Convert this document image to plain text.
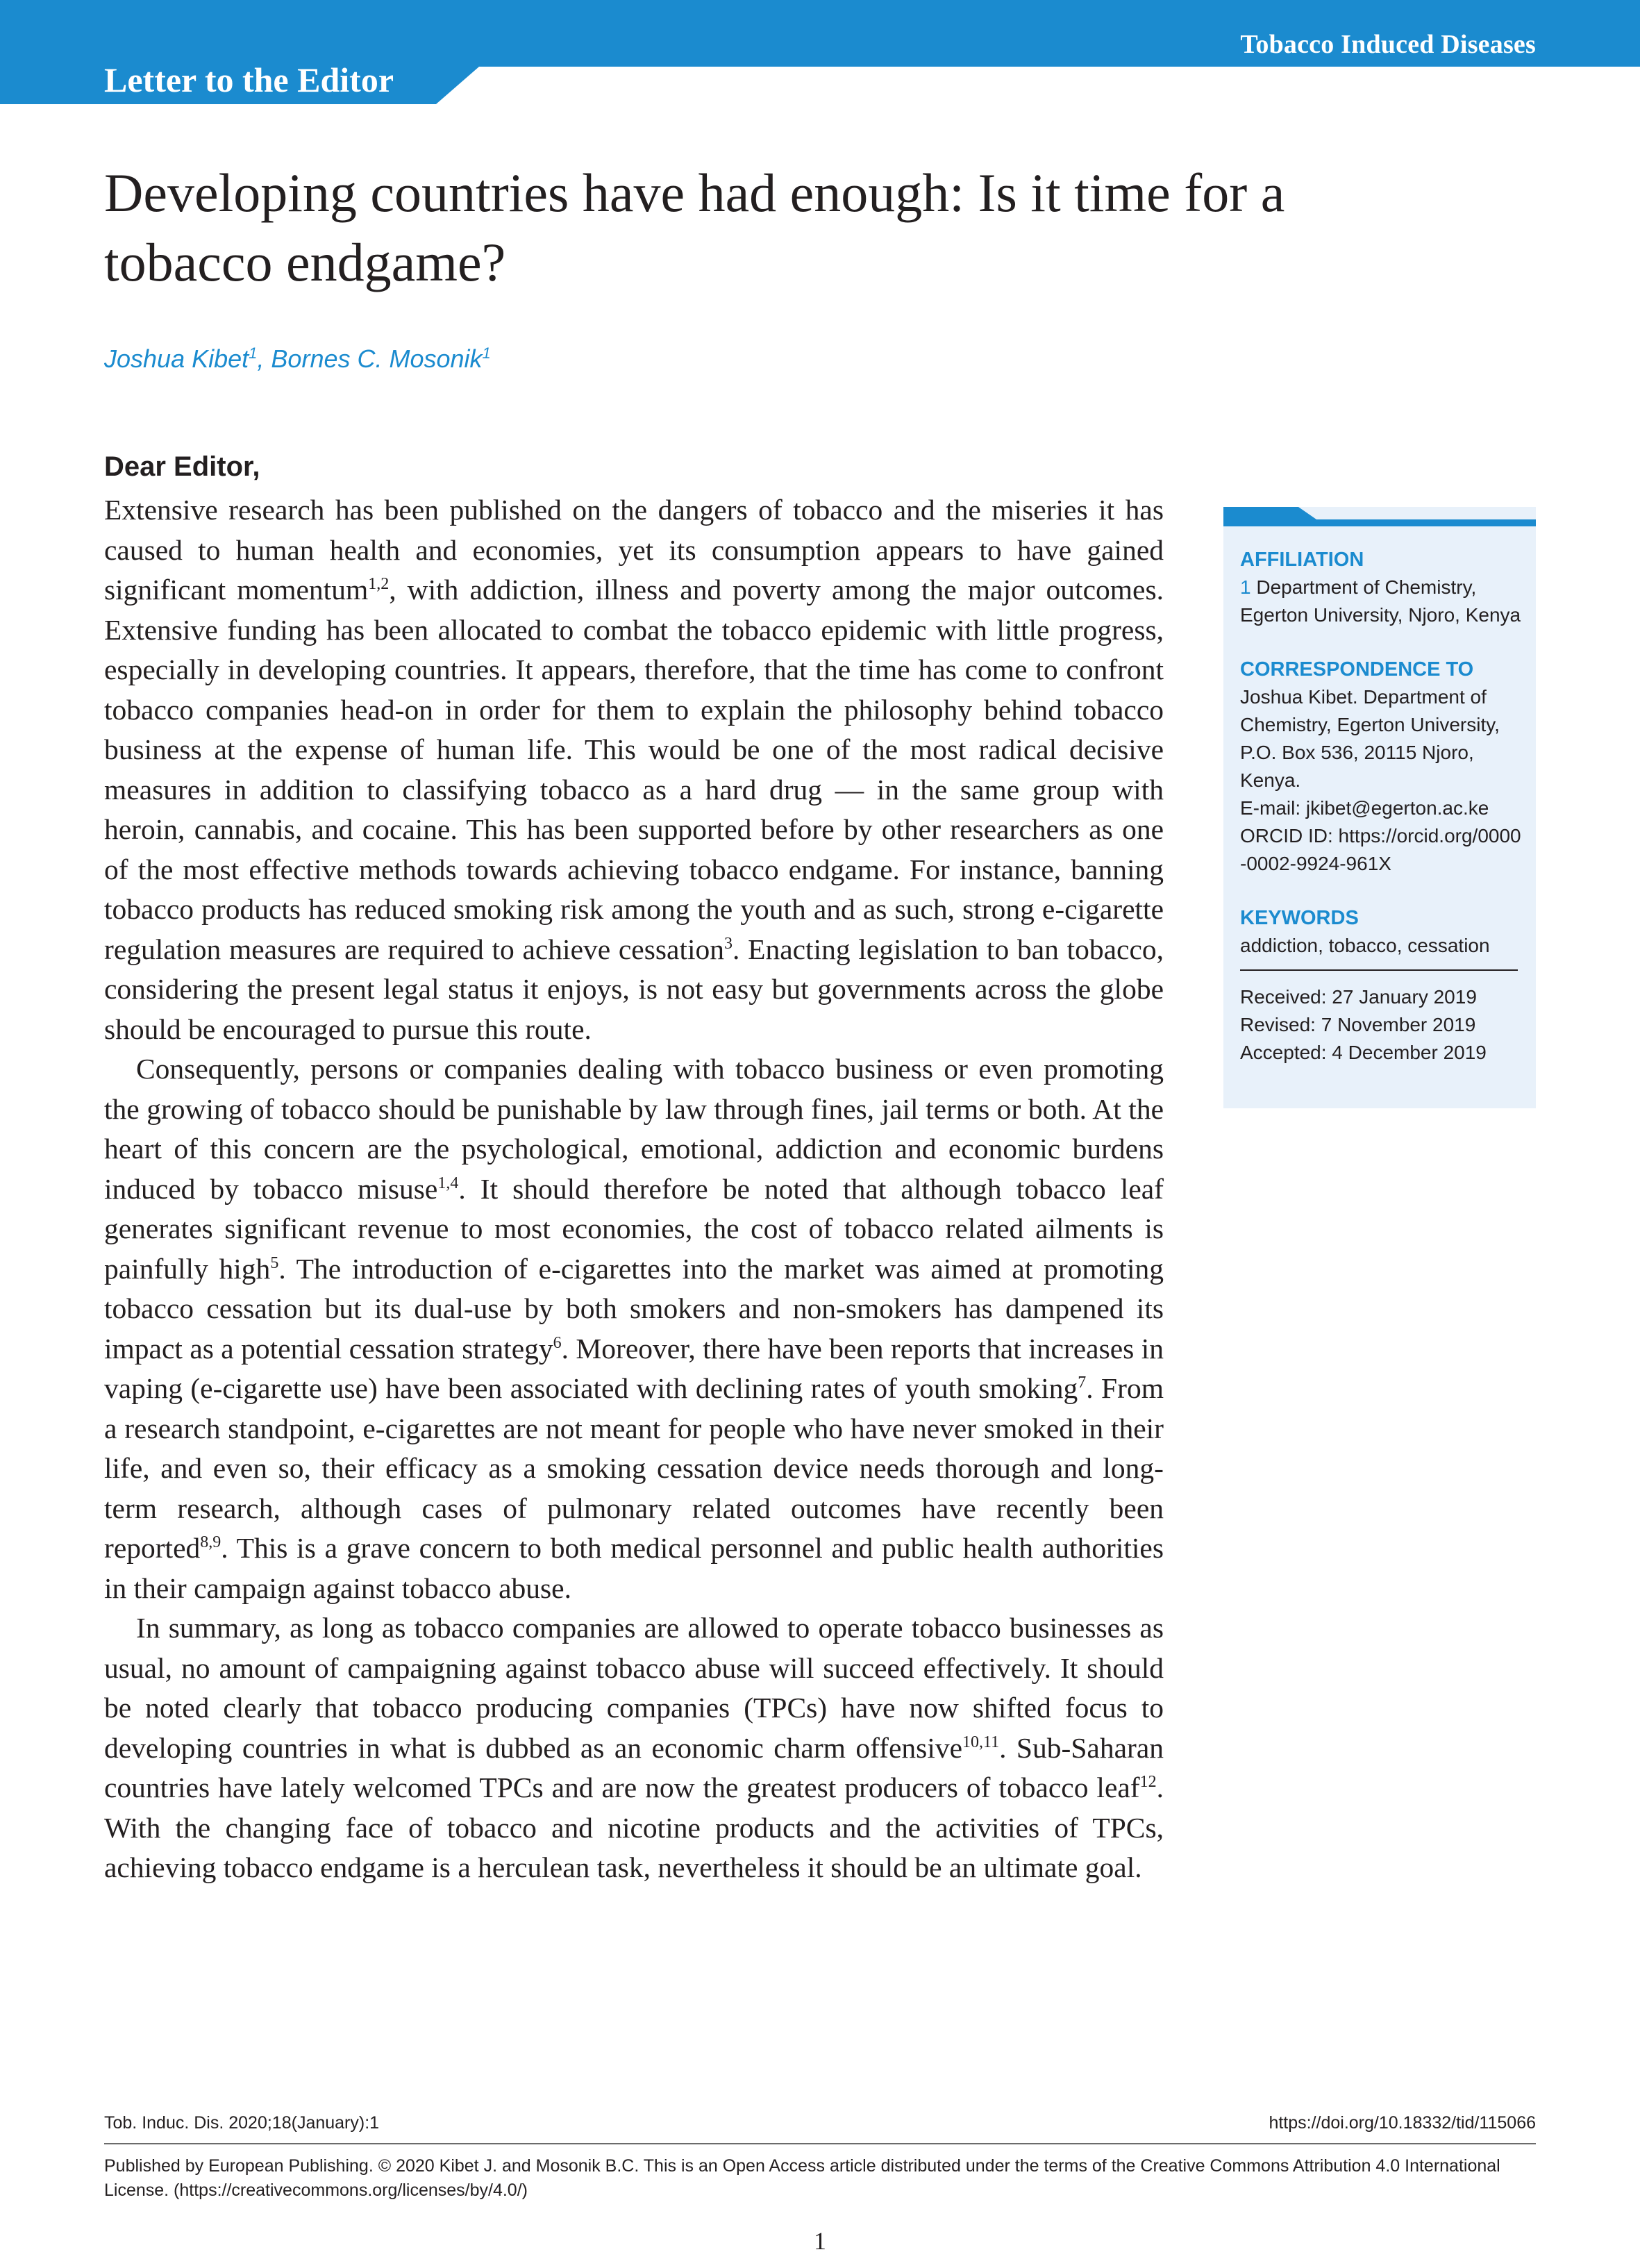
Tobacco Induced Diseases
Letter to the Editor
Developing countries have had enough: Is it time for a tobacco endgame?
Joshua Kibet$^1$, Bornes C. Mosonik$^1$
Dear Editor,

Extensive research has been published on the dangers of tobacco and the miseries it has caused to human health and economies, yet its consumption appears to have gained significant momentum$^{1,2}$, with addiction, illness and poverty among the major outcomes. Extensive funding has been allocated to combat the tobacco epidemic with little progress, especially in developing countries. It appears, therefore, that the time has come to confront tobacco companies head-on in order for them to explain the philosophy behind tobacco business at the expense of human life. This would be one of the most radical decisive measures in addition to classifying tobacco as a hard drug — in the same group with heroin, cannabis, and cocaine. This has been supported before by other researchers as one of the most effective methods towards achieving tobacco endgame. For instance, banning tobacco products has reduced smoking risk among the youth and as such, strong e-cigarette regulation measures are required to achieve cessation$^3$. Enacting legislation to ban tobacco, considering the present legal status it enjoys, is not easy but governments across the globe should be encouraged to pursue this route.

Consequently, persons or companies dealing with tobacco business or even promoting the growing of tobacco should be punishable by law through fines, jail terms or both. At the heart of this concern are the psychological, emotional, addiction and economic burdens induced by tobacco misuse$^{1,4}$. It should therefore be noted that although tobacco leaf generates significant revenue to most economies, the cost of tobacco related ailments is painfully high$^5$. The introduction of e-cigarettes into the market was aimed at promoting tobacco cessation but its dual-use by both smokers and non-smokers has dampened its impact as a potential cessation strategy$^6$. Moreover, there have been reports that increases in vaping (e-cigarette use) have been associated with declining rates of youth smoking$^7$. From a research standpoint, e-cigarettes are not meant for people who have never smoked in their life, and even so, their efficacy as a smoking cessation device needs thorough and long-term research, although cases of pulmonary related outcomes have recently been reported$^{8,9}$. This is a grave concern to both medical personnel and public health authorities in their campaign against tobacco abuse.

In summary, as long as tobacco companies are allowed to operate tobacco businesses as usual, no amount of campaigning against tobacco abuse will succeed effectively. It should be noted clearly that tobacco producing companies (TPCs) have now shifted focus to developing countries in what is dubbed as an economic charm offensive$^{10,11}$. Sub-Saharan countries have lately welcomed TPCs and are now the greatest producers of tobacco leaf$^{12}$. With the changing face of tobacco and nicotine products and the activities of TPCs, achieving tobacco endgame is a herculean task, nevertheless it should be an ultimate goal.

AFFILIATION

1 Department of Chemistry, Egerton University, Njoro, Kenya

CORRESPONDENCE TO

Joshua Kibet. Department of Chemistry, Egerton University, P.O. Box 536, 20115 Njoro, Kenya.

E-mail: jkibet@egerton.ac.ke

ORCID ID: https://orcid.org/0000-0002-9924-961X

KEYWORDS

addiction, tobacco, cessation

Received: 27 January 2019

Revised: 7 November 2019

Accepted: 4 December 2019

Tob. Induc. Dis. 2020;18(January):1	https://doi.org/10.18332/tid/115066
Published by European Publishing. © 2020 Kibet J. and Mosonik B.C. This is an Open Access article distributed under the terms of the Creative Commons Attribution 4.0 International License. (https://creativecommons.org/licenses/by/4.0/)
1
